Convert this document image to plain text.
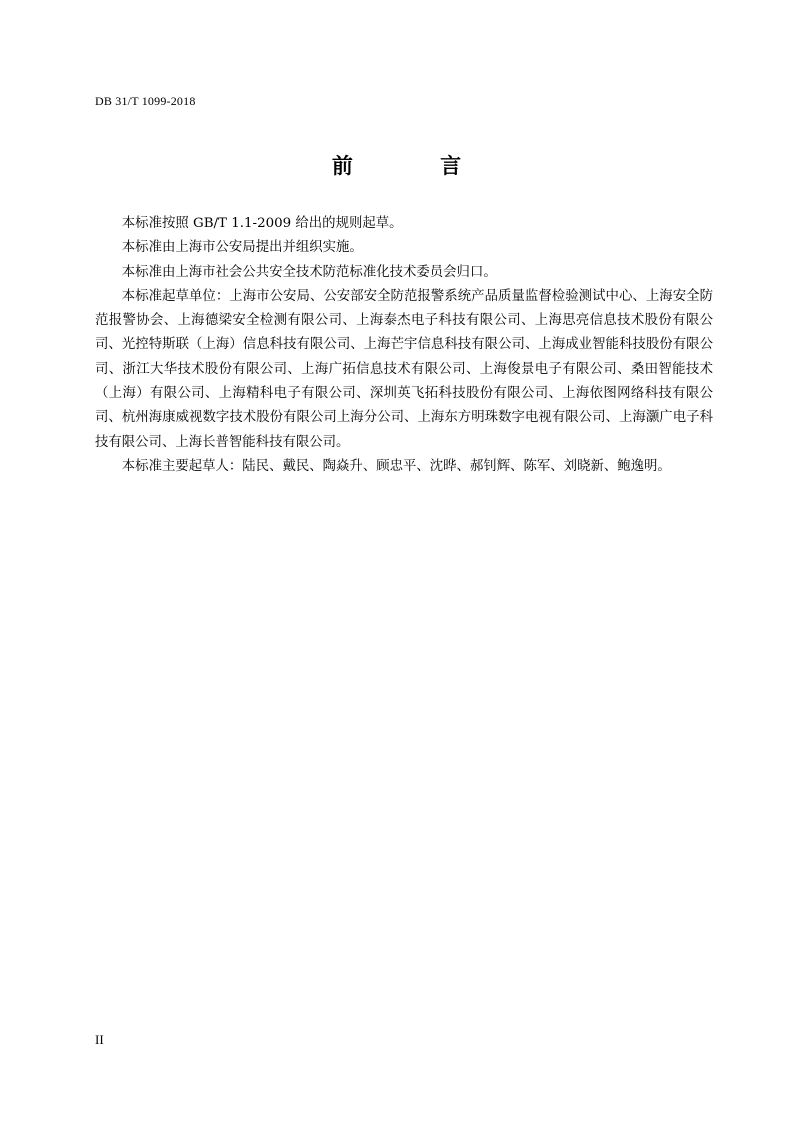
DB 31/T 1099-2018
前 言

本标准按照 GB/T 1.1-2009 给出的规则起草。

本标准由上海市公安局提出并组织实施。

本标准由上海市社会公共安全技术防范标准化技术委员会归口。

本标准起草单位：上海市公安局、公安部安全防范报警系统产品质量监督检验测试中心、上海安全防范报警协会、上海德梁安全检测有限公司、上海泰杰电子科技有限公司、上海思亮信息技术股份有限公司、光控特斯联（上海）信息科技有限公司、上海芒宇信息科技有限公司、上海成业智能科技股份有限公司、浙江大华技术股份有限公司、上海广拓信息技术有限公司、上海俊景电子有限公司、桑田智能技术（上海）有限公司、上海精科电子有限公司、深圳英飞拓科技股份有限公司、上海依图网络科技有限公司、杭州海康威视数字技术股份有限公司上海分公司、上海东方明珠数字电视有限公司、上海灏广电子科技有限公司、上海长普智能科技有限公司。

本标准主要起草人：陆民、戴民、陶焱升、顾忠平、沈晔、郝钊辉、陈军、刘晓新、鲍逸明。

II
